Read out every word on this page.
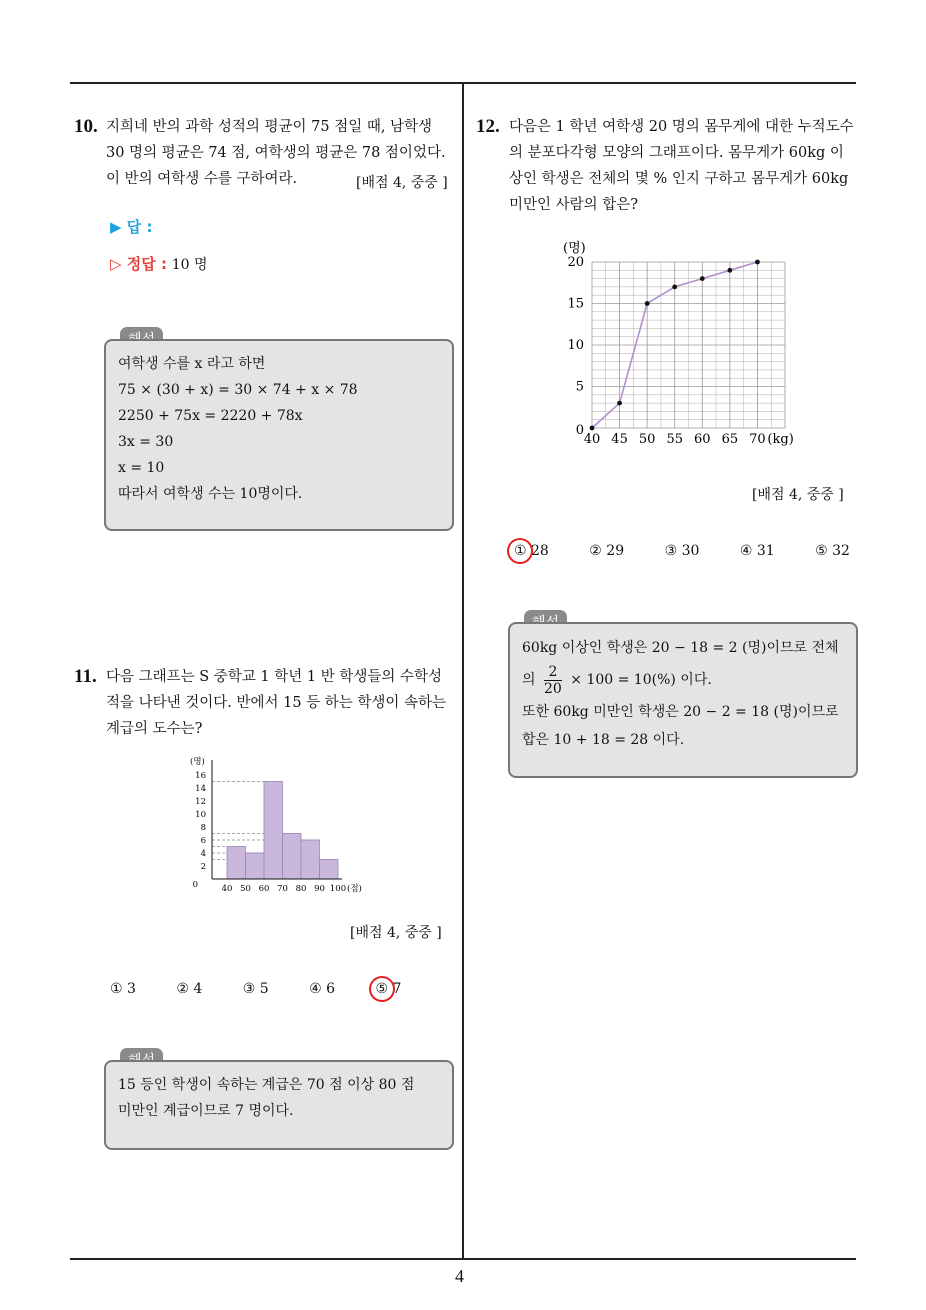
4
10. 지희네 반의 과학 성적의 평균이 75 점일 때, 남학생
30 명의 평균은 74 점, 여학생의 평균은 78 점이었다.
이 반의 여학생 수를 구하여라.	[배점 4, 중중 ]
▶ 답 :
▷ 정답 : 10 명
여학생 수를 x 라고 하면
75 × (30 + x) = 30 × 74 + x × 78
2250 + 75x = 2220 + 78x
3x = 30
x = 10
따라서 여학생 수는 10명이다.
11. 다음 그래프는 S 중학교 1 학년 1 반 학생들의 수학성
적을 나타낸 것이다. 반에서 15 등 하는 학생이 속하는
계급의 도수는?
2
4
6
8
10
12
14
16
0	40 50 60 70 80 90 100
(명)
(점)
[배점 4, 중중 ]
① 3	② 4	③ 5	④ 6	⑤ 7
15 등인 학생이 속하는 계급은 70 점 이상 80 점
미만인 계급이므로 7 명이다.
12. 다음은 1 학년 여학생 20 명의 몸무게에 대한 누적도수
의 분포다각형 모양의 그래프이다. 몸무게가 60kg 이
상인 학생은 전체의 몇 % 인지 구하고 몸무게가 60kg
미만인 사람의 합은?
0
5
10
15
20
40 45 50 55 60 65 70
(명)
(kg)
[배점 4, 중중 ]
① 28	② 29	③ 30	④ 31	⑤ 32
60kg 이상인 학생은 20 − 18 = 2 (명)이므로 전체
의 $\frac{2}{20} \times 100 = 10(\%)$ 이다.
또한 60kg 미만인 학생은 20 − 2 = 18 (명)이므로
합은 10 + 18 = 28 이다.
